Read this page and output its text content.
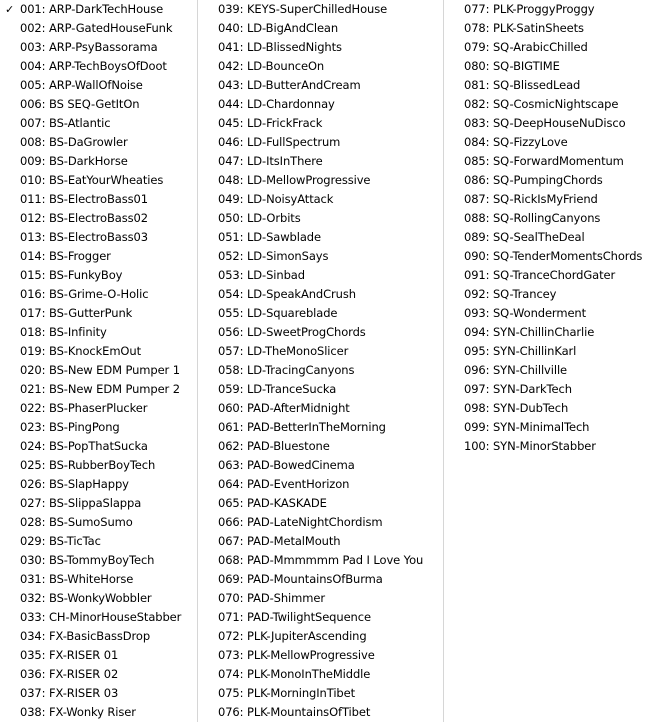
✓ 001: ARP-DarkTechHouse
002: ARP-GatedHouseFunk
003: ARP-PsyBassorama
004: ARP-TechBoysOfDoot
005: ARP-WallOfNoise
006: BS SEQ-GetItOn
007: BS-Atlantic
008: BS-DaGrowler
009: BS-DarkHorse
010: BS-EatYourWheaties
011: BS-ElectroBass01
012: BS-ElectroBass02
013: BS-ElectroBass03
014: BS-Frogger
015: BS-FunkyBoy
016: BS-Grime-O-Holic
017: BS-GutterPunk
018: BS-Infinity
019: BS-KnockEmOut
020: BS-New EDM Pumper 1
021: BS-New EDM Pumper 2
022: BS-PhaserPlucker
023: BS-PingPong
024: BS-PopThatSucka
025: BS-RubberBoyTech
026: BS-SlapHappy
027: BS-SlippaSlappa
028: BS-SumoSumo
029: BS-TicTac
030: BS-TommyBoyTech
031: BS-WhiteHorse
032: BS-WonkyWobbler
033: CH-MinorHouseStabber
034: FX-BasicBassDrop
035: FX-RISER 01
036: FX-RISER 02
037: FX-RISER 03
038: FX-Wonky Riser
039: KEYS-SuperChilledHouse
040: LD-BigAndClean
041: LD-BlissedNights
042: LD-BounceOn
043: LD-ButterAndCream
044: LD-Chardonnay
045: LD-FrickFrack
046: LD-FullSpectrum
047: LD-ItsInThere
048: LD-MellowProgressive
049: LD-NoisyAttack
050: LD-Orbits
051: LD-Sawblade
052: LD-SimonSays
053: LD-Sinbad
054: LD-SpeakAndCrush
055: LD-Squareblade
056: LD-SweetProgChords
057: LD-TheMonoSlicer
058: LD-TracingCanyons
059: LD-TranceSucka
060: PAD-AfterMidnight
061: PAD-BetterInTheMorning
062: PAD-Bluestone
063: PAD-BowedCinema
064: PAD-EventHorizon
065: PAD-KASKADE
066: PAD-LateNightChordism
067: PAD-MetalMouth
068: PAD-Mmmmmm Pad I Love You
069: PAD-MountainsOfBurma
070: PAD-Shimmer
071: PAD-TwilightSequence
072: PLK-JupiterAscending
073: PLK-MellowProgressive
074: PLK-MonoInTheMiddle
075: PLK-MorningInTibet
076: PLK-MountainsOfTibet
077: PLK-ProggyProggy
078: PLK-SatinSheets
079: SQ-ArabicChilled
080: SQ-BIGTIME
081: SQ-BlissedLead
082: SQ-CosmicNightscape
083: SQ-DeepHouseNuDisco
084: SQ-FizzyLove
085: SQ-ForwardMomentum
086: SQ-PumpingChords
087: SQ-RickIsMyFriend
088: SQ-RollingCanyons
089: SQ-SealTheDeal
090: SQ-TenderMomentsChords
091: SQ-TranceChordGater
092: SQ-Trancey
093: SQ-Wonderment
094: SYN-ChillinCharlie
095: SYN-ChillinKarl
096: SYN-Chillville
097: SYN-DarkTech
098: SYN-DubTech
099: SYN-MinimalTech
100: SYN-MinorStabber
